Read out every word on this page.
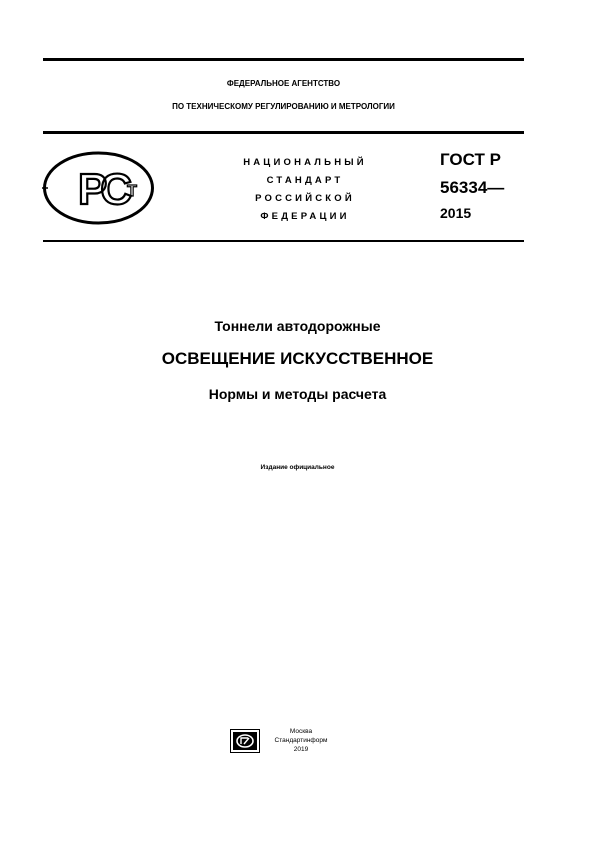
ФЕДЕРАЛЬНОЕ АГЕНТСТВО
ПО ТЕХНИЧЕСКОМУ РЕГУЛИРОВАНИЮ И МЕТРОЛОГИИ
РС Т
НАЦИОНАЛЬНЫЙ
СТАНДАРТ
РОССИЙСКОЙ
ФЕДЕРАЦИИ
ГОСТ Р
56334—
2015
Тоннели автодорожные
ОСВЕЩЕНИЕ ИСКУССТВЕННОЕ
Нормы и методы расчета
Издание официальное
Москва
Стандартинформ
2019
